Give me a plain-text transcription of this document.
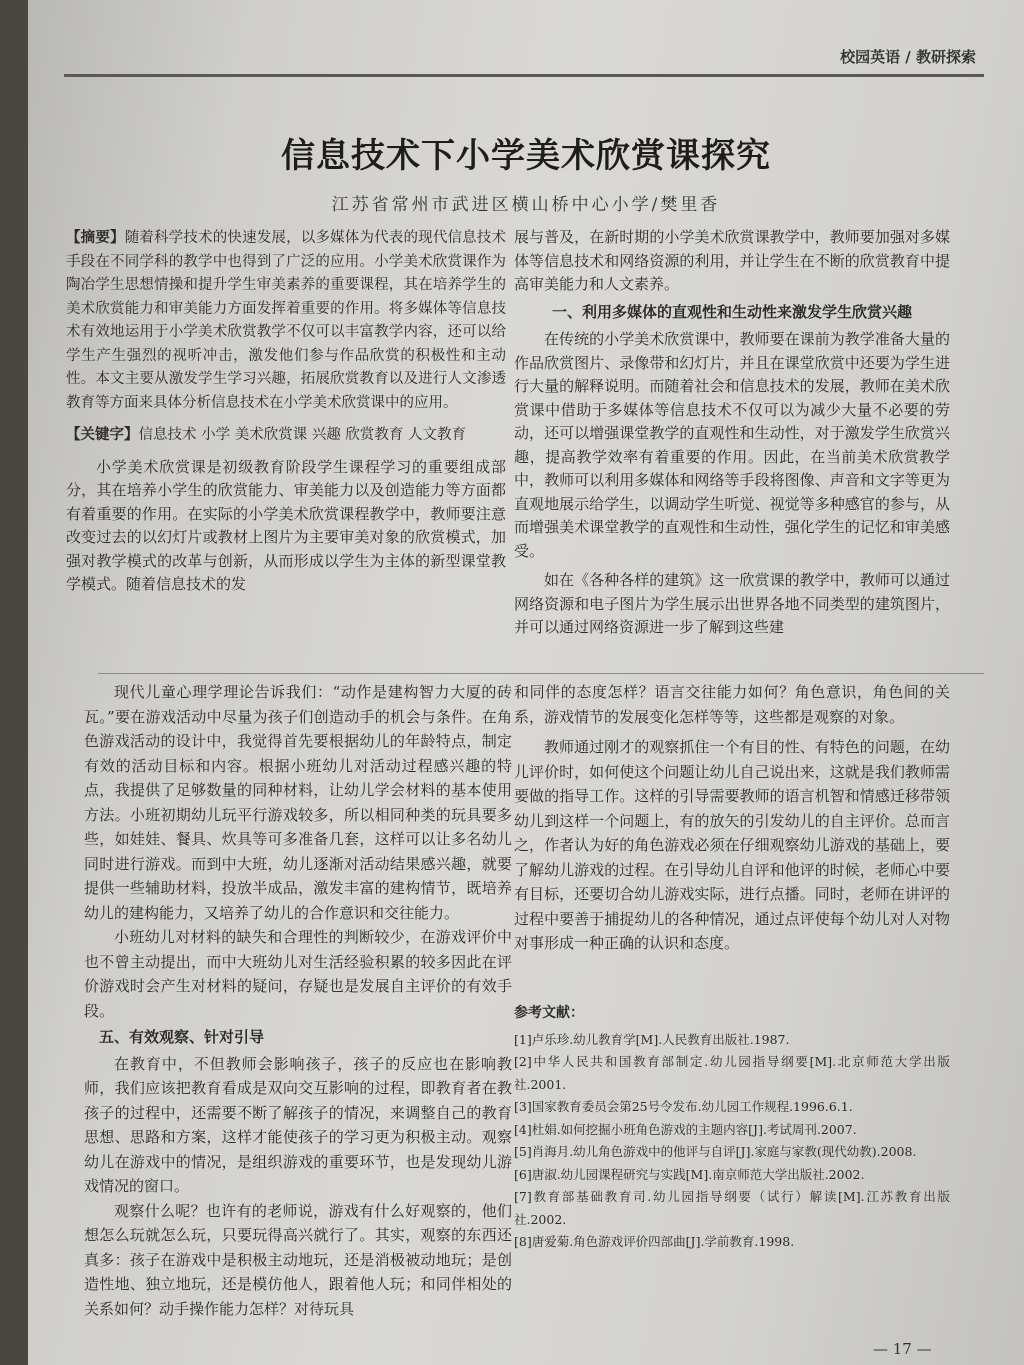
校园英语 / 教研探索
信息技术下小学美术欣赏课探究
江苏省常州市武进区横山桥中心小学/樊里香

【摘要】随着科学技术的快速发展，以多媒体为代表的现代信息技术手段在不同学科的教学中也得到了广泛的应用。小学美术欣赏课作为陶冶学生思想情操和提升学生审美素养的重要课程，其在培养学生的美术欣赏能力和审美能力方面发挥着重要的作用。将多媒体等信息技术有效地运用于小学美术欣赏教学不仅可以丰富教学内容，还可以给学生产生强烈的视听冲击，激发他们参与作品欣赏的积极性和主动性。本文主要从激发学生学习兴趣，拓展欣赏教育以及进行人文渗透教育等方面来具体分析信息技术在小学美术欣赏课中的应用。

【关键字】信息技术 小学 美术欣赏课 兴趣 欣赏教育 人文教育

小学美术欣赏课是初级教育阶段学生课程学习的重要组成部分，其在培养小学生的欣赏能力、审美能力以及创造能力等方面都有着重要的作用。在实际的小学美术欣赏课程教学中，教师要注意改变过去的以幻灯片或教材上图片为主要审美对象的欣赏模式，加强对教学模式的改革与创新，从而形成以学生为主体的新型课堂教学模式。随着信息技术的发

展与普及，在新时期的小学美术欣赏课教学中，教师要加强对多媒体等信息技术和网络资源的利用，并让学生在不断的欣赏教育中提高审美能力和人文素养。

一、利用多媒体的直观性和生动性来激发学生欣赏兴趣

在传统的小学美术欣赏课中，教师要在课前为教学准备大量的作品欣赏图片、录像带和幻灯片，并且在课堂欣赏中还要为学生进行大量的解释说明。而随着社会和信息技术的发展，教师在美术欣赏课中借助于多媒体等信息技术不仅可以为减少大量不必要的劳动，还可以增强课堂教学的直观性和生动性，对于激发学生欣赏兴趣，提高教学效率有着重要的作用。因此，在当前美术欣赏教学中，教师可以利用多媒体和网络等手段将图像、声音和文字等更为直观地展示给学生，以调动学生听觉、视觉等多种感官的参与，从而增强美术课堂教学的直观性和生动性，强化学生的记忆和审美感受。

如在《各种各样的建筑》这一欣赏课的教学中，教师可以通过网络资源和电子图片为学生展示出世界各地不同类型的建筑图片，并可以通过网络资源进一步了解到这些建

现代儿童心理学理论告诉我们：“动作是建构智力大厦的砖瓦。”要在游戏活动中尽量为孩子们创造动手的机会与条件。在角色游戏活动的设计中，我觉得首先要根据幼儿的年龄特点，制定有效的活动目标和内容。根据小班幼儿对活动过程感兴趣的特点，我提供了足够数量的同种材料，让幼儿学会材料的基本使用方法。小班初期幼儿玩平行游戏较多，所以相同种类的玩具要多些，如娃娃、餐具、炊具等可多准备几套，这样可以让多名幼儿同时进行游戏。而到中大班，幼儿逐渐对活动结果感兴趣，就要提供一些辅助材料，投放半成品，激发丰富的建构情节，既培养幼儿的建构能力，又培养了幼儿的合作意识和交往能力。

小班幼儿对材料的缺失和合理性的判断较少，在游戏评价中也不曾主动提出，而中大班幼儿对生活经验积累的较多因此在评价游戏时会产生对材料的疑问，存疑也是发展自主评价的有效手段。

五、有效观察、针对引导

在教育中，不但教师会影响孩子，孩子的反应也在影响教师，我们应该把教育看成是双向交互影响的过程，即教育者在教孩子的过程中，还需要不断了解孩子的情况，来调整自己的教育思想、思路和方案，这样才能使孩子的学习更为积极主动。观察幼儿在游戏中的情况，是组织游戏的重要环节，也是发现幼儿游戏情况的窗口。

观察什么呢？也许有的老师说，游戏有什么好观察的，他们想怎么玩就怎么玩，只要玩得高兴就行了。其实，观察的东西还真多：孩子在游戏中是积极主动地玩，还是消极被动地玩；是创造性地、独立地玩，还是模仿他人，跟着他人玩；和同伴相处的关系如何？动手操作能力怎样？对待玩具

和同伴的态度怎样？语言交往能力如何？角色意识，角色间的关系，游戏情节的发展变化怎样等等，这些都是观察的对象。

教师通过刚才的观察抓住一个有目的性、有特色的问题，在幼儿评价时，如何使这个问题让幼儿自己说出来，这就是我们教师需要做的指导工作。这样的引导需要教师的语言机智和情感迁移带领幼儿到这样一个问题上，有的放矢的引发幼儿的自主评价。总而言之，作者认为好的角色游戏必须在仔细观察幼儿游戏的基础上，要了解幼儿游戏的过程。在引导幼儿自评和他评的时候，老师心中要有目标，还要切合幼儿游戏实际，进行点播。同时，老师在讲评的过程中要善于捕捉幼儿的各种情况，通过点评使每个幼儿对人对物对事形成一种正确的认识和态度。

参考文献：

[1]卢乐珍.幼儿教育学[M].人民教育出版社.1987.

[2]中华人民共和国教育部制定.幼儿园指导纲要[M].北京师范大学出版社.2001.

[3]国家教育委员会第25号令发布.幼儿园工作规程.1996.6.1.

[4]杜娟.如何挖掘小班角色游戏的主题内容[J].考试周刊.2007.

[5]肖海月.幼儿角色游戏中的他评与自评[J].家庭与家教(现代幼教).2008.

[6]唐淑.幼儿园课程研究与实践[M].南京师范大学出版社.2002.

[7]教育部基础教育司.幼儿园指导纲要（试行）解读[M].江苏教育出版社.2002.

[8]唐爱菊.角色游戏评价四部曲[J].学前教育.1998.

— 17 —
